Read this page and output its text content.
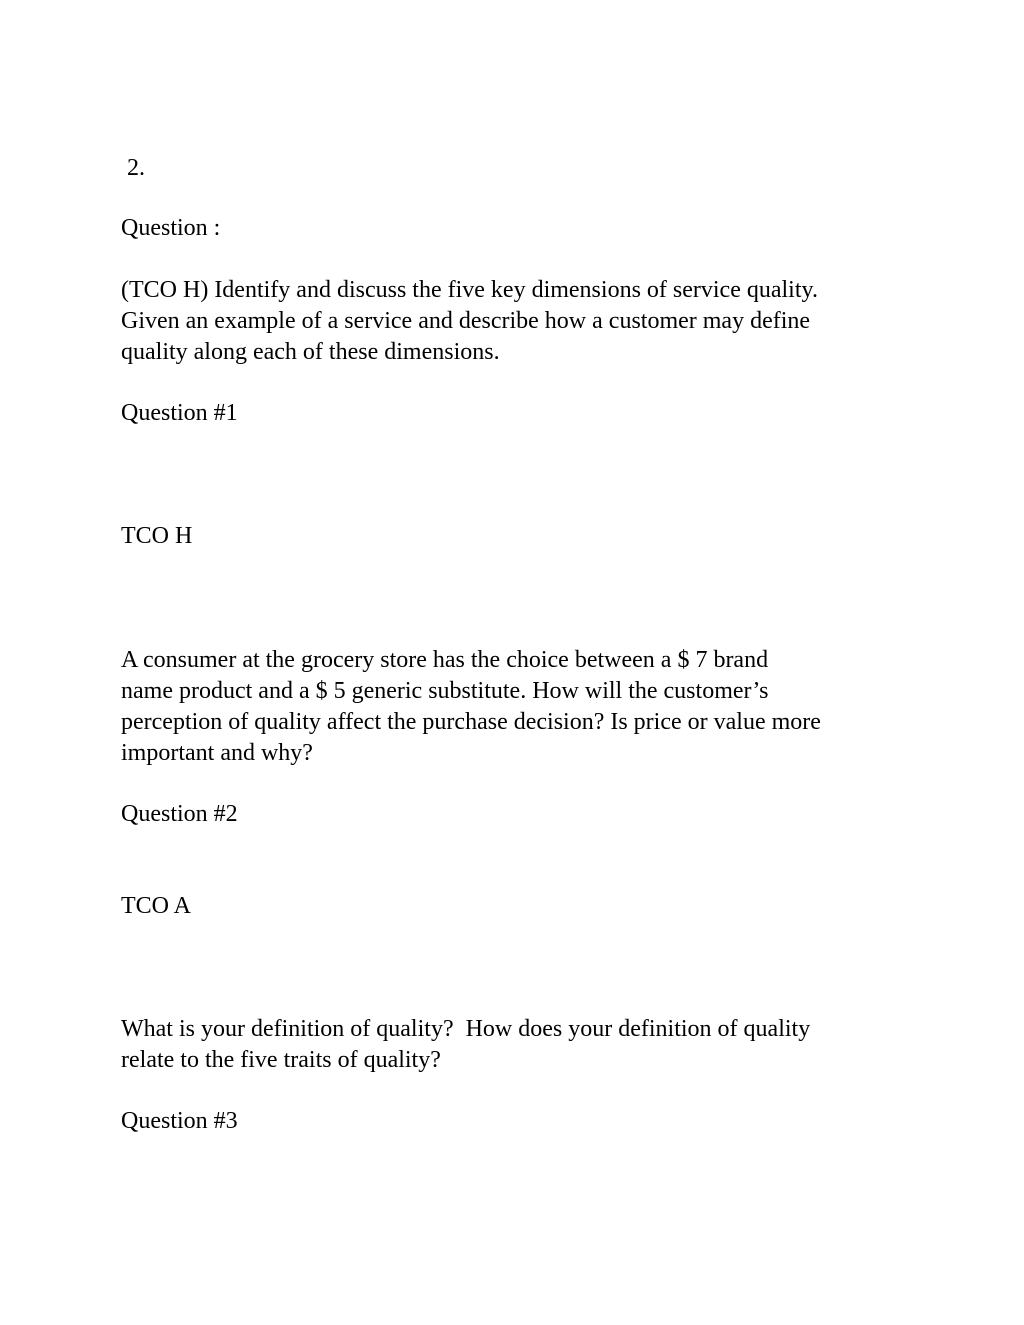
2.

Question :

(TCO H) Identify and discuss the five key dimensions of service quality.
Given an example of a service and describe how a customer may define
quality along each of these dimensions.

Question #1

TCO H

A consumer at the grocery store has the choice between a $ 7 brand
name product and a $ 5 generic substitute. How will the customer’s
perception of quality affect the purchase decision? Is price or value more
important and why?

Question #2

TCO A

What is your definition of quality?  How does your definition of quality
relate to the five traits of quality?

Question #3
